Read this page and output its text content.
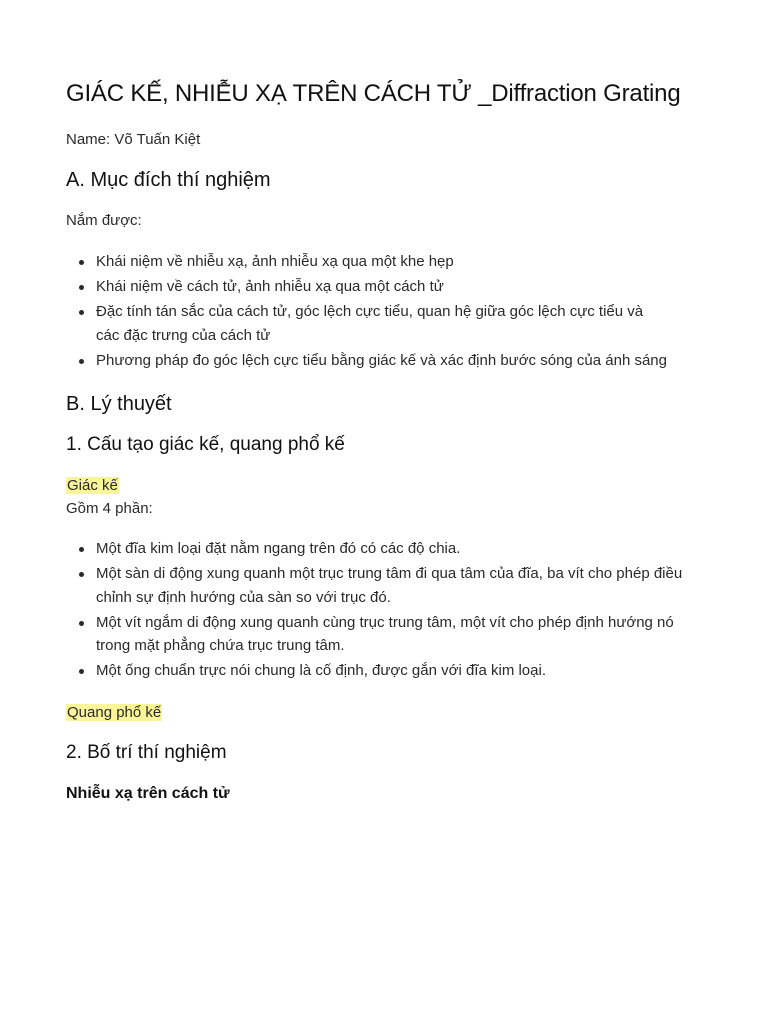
GIÁC KẾ, NHIỄU XẠ TRÊN CÁCH TỬ _Diffraction Grating
Name: Võ Tuấn Kiệt
A. Mục đích thí nghiệm
Nắm được:
Khái niệm về nhiễu xạ, ảnh nhiễu xạ qua một khe hẹp
Khái niệm về cách tử, ảnh nhiễu xạ qua một cách tử
Đặc tính tán sắc của cách tử, góc lệch cực tiểu, quan hệ giữa góc lệch cực tiểu và các đặc trưng của cách tử
Phương pháp đo góc lệch cực tiểu bằng giác kế và xác định bước sóng của ánh sáng
B. Lý thuyết
1. Cấu tạo giác kế, quang phổ kế
Giác kế
Gồm 4 phần:
Một đĩa kim loại đặt nằm ngang trên đó có các độ chia.
Một sàn di động xung quanh một trục trung tâm đi qua tâm của đĩa, ba vít cho phép điều chỉnh sự định hướng của sàn so với trục đó.
Một vít ngắm di động xung quanh cùng trục trung tâm, một vít cho phép định hướng nó trong mặt phẳng chứa trục trung tâm.
Một ống chuẩn trực nói chung là cố định, được gắn với đĩa kim loại.
Quang phổ kế
2. Bố trí thí nghiệm
Nhiễu xạ trên cách tử
